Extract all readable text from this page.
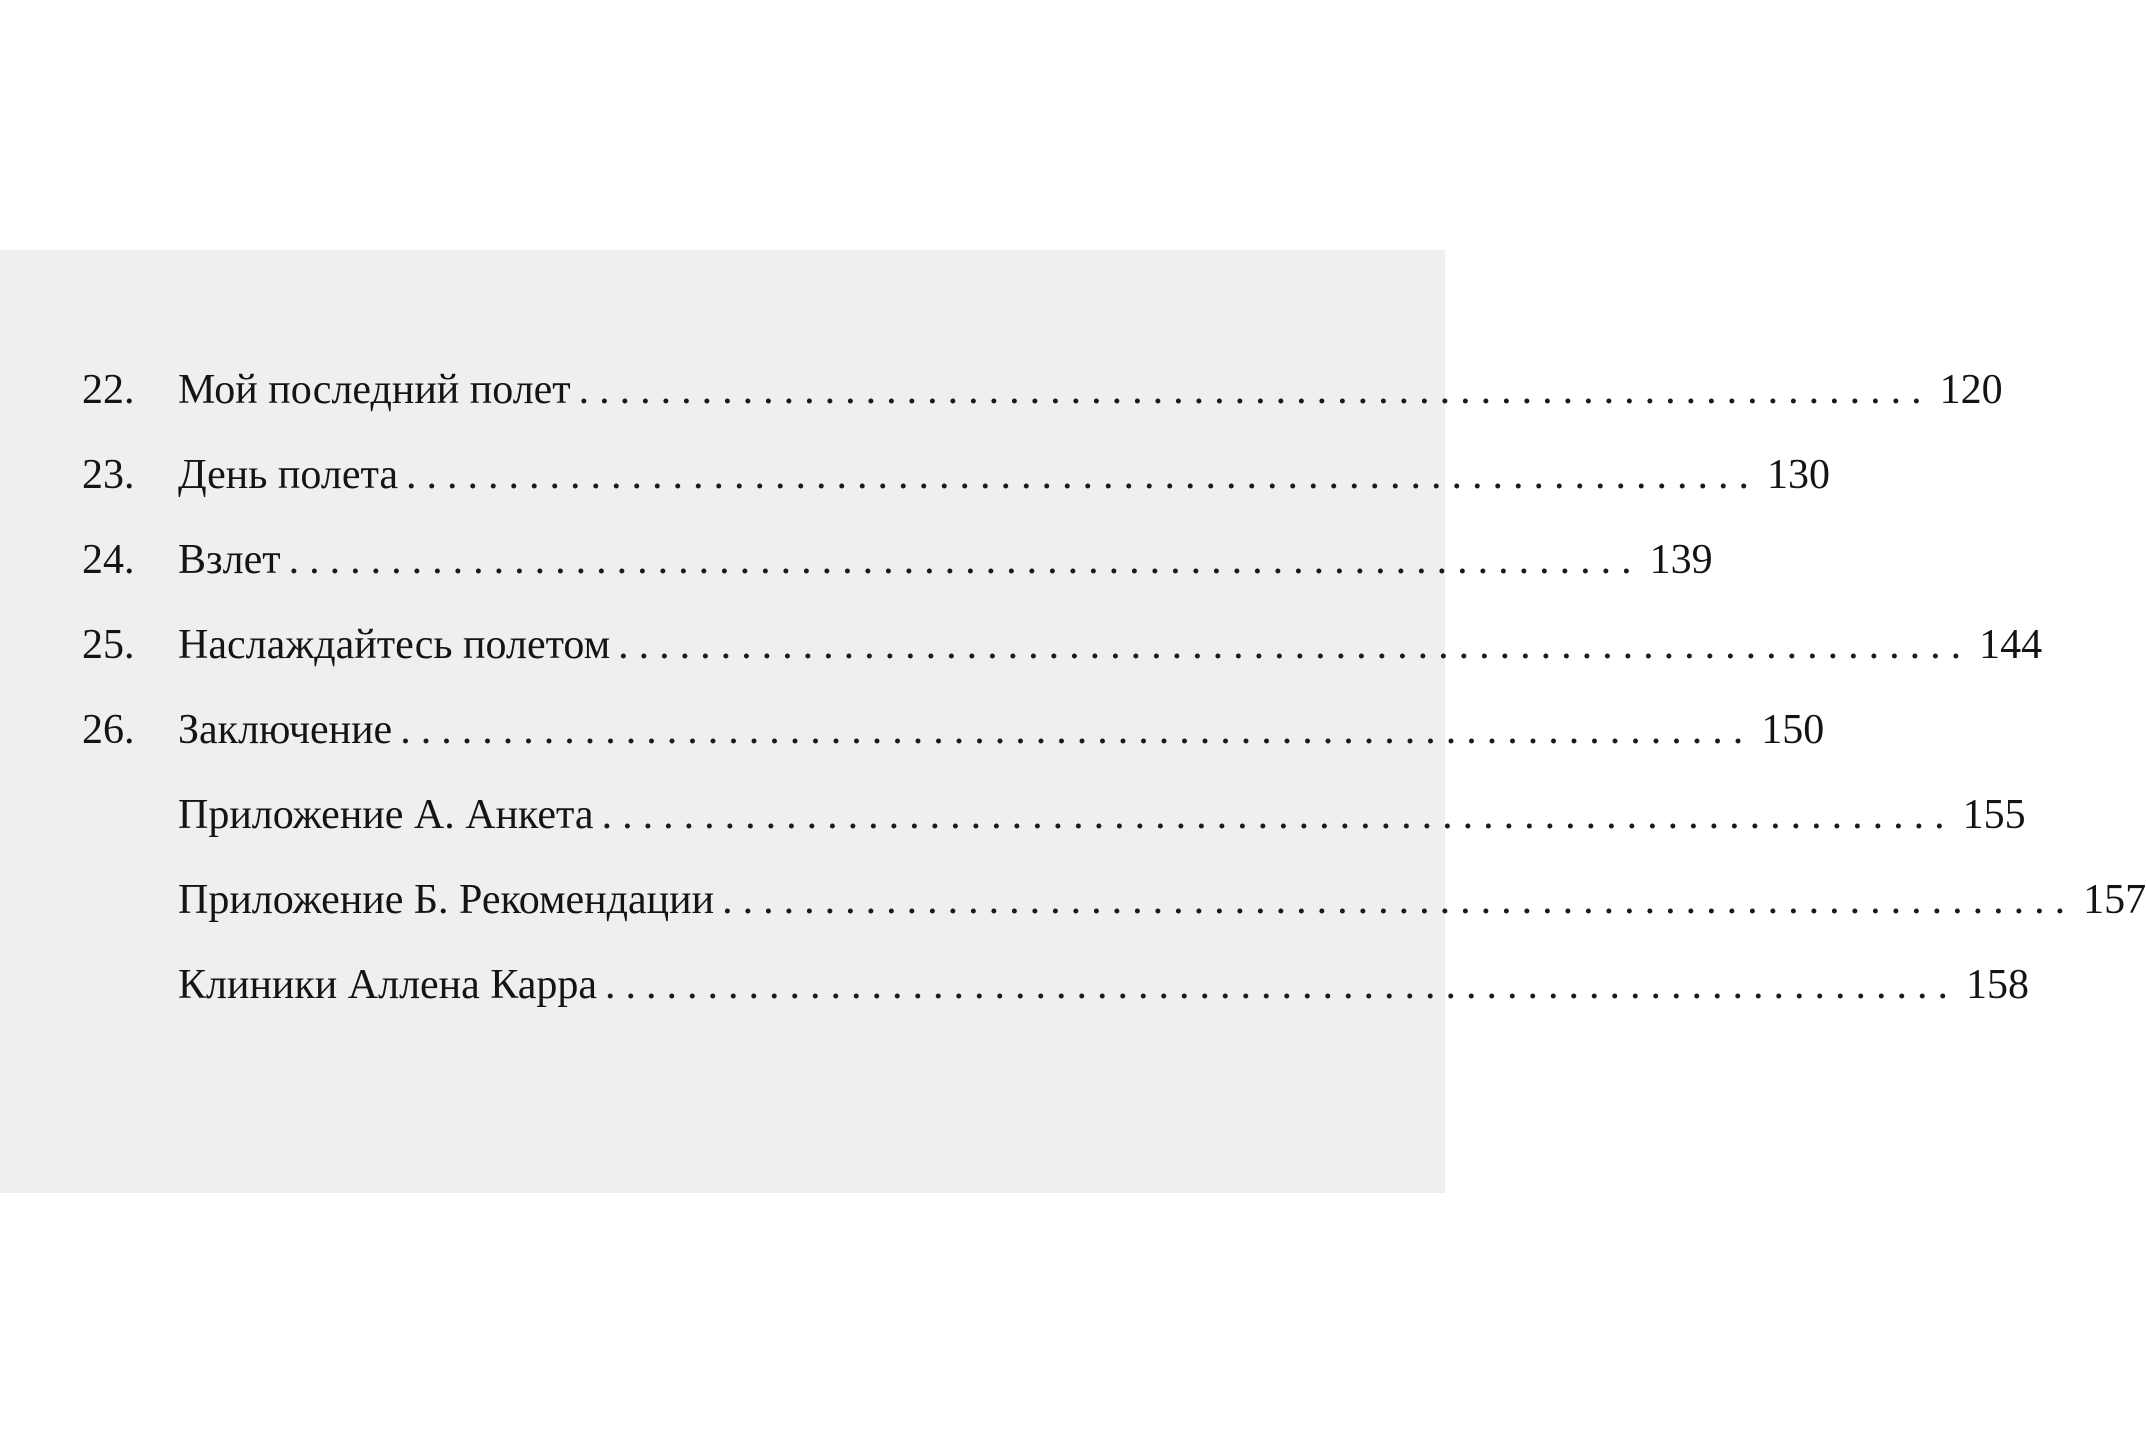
22.	Мой последний полет .................................................................. 120
23.	День полета .................................................................. 130
24.	Взлет .................................................................. 139
25.	Наслаждайтесь полетом .................................................................. 144
26.	Заключение .................................................................. 150
Приложение А. Анкета .................................................................. 155
Приложение Б. Рекомендации .................................................................. 157
Клиники Аллена Карра .................................................................. 158
